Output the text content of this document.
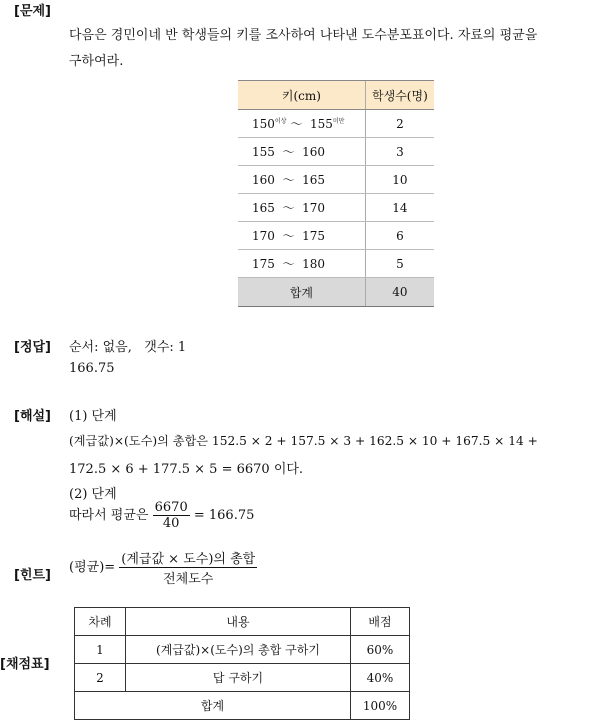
[문제]
다음은 경민이네 반 학생들의 키를 조사하여 나타낸 도수분포표이다. 자료의 평균을
구하여라.
키(cm)	학생수(명)
$150^{이상}$ ～  $155^{미만}$	2
155  ～  160	3
160  ～  165	10
165  ～  170	14
170  ～  175	6
175  ～  180	5
합계	40
[정답] 순서: 없음,   갯수: 1
166.75
[해설] (1) 단계
(계급값)×(도수)의 총합은 152.5 × 2 + 157.5 × 3 + 162.5 × 10 + 167.5 × 14 +
172.5 × 6 + 177.5 × 5 = 6670 이다.
(2) 단계
따라서 평균은 $\frac{6670}{40} = 166.75$
[힌트]
(평균)= $\frac{\text{(계급값 × 도수)의 총합}}{\text{전체도수}}$
[채점표]
차례	내용	배점
1	(계급값)×(도수)의 총합 구하기	60%
2	답 구하기	40%
합계		100%
